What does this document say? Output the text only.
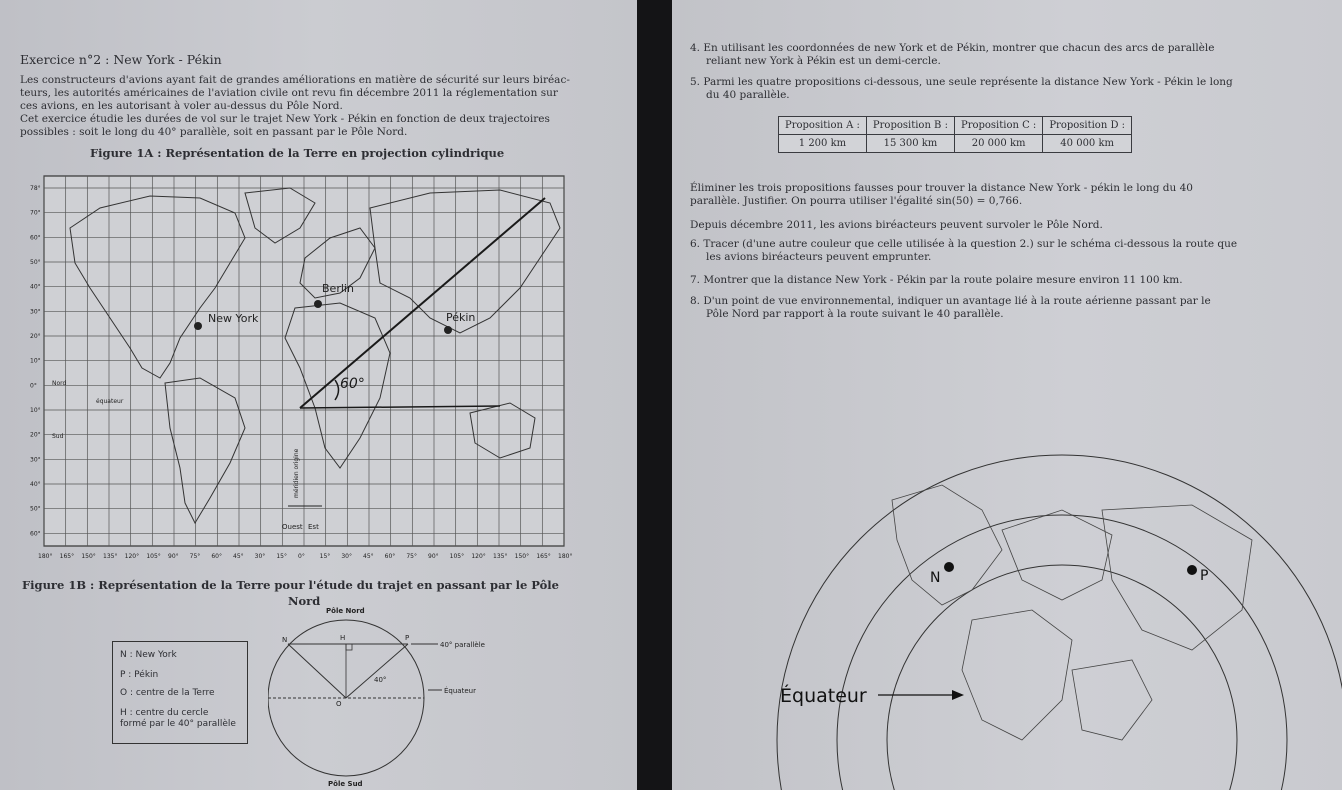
Exercice n°2 : New York - Pékin
Les constructeurs d'avions ayant fait de grandes améliorations en matière de sécurité sur leurs biréac-
teurs, les autorités américaines de l'aviation civile ont revu fin décembre 2011 la réglementation sur
ces avions, en les autorisant à voler au-dessus du Pôle Nord.
Cet exercice étudie les durées de vol sur le trajet New York - Pékin en fonction de deux trajectoires
possibles : soit le long du 40° parallèle, soit en passant par le Pôle Nord.
Figure 1A : Représentation de la Terre en projection cylindrique
60°
Berlin
New York	Pékin
Nord
Sud
équateur
méridien origine
Ouest Est
78°
70°
60°
50°
40°
30°
20°
10°
0°
10°
20°
30°
40°
50°
60°
180° 165° 150° 135° 120° 105° 90° 75° 60° 45° 30° 15° 0° 15° 30° 45° 60° 75° 90° 105° 120° 135° 150° 165° 180°
Figure 1B : Représentation de la Terre pour l'étude du trajet en passant par le Pôle
Nord
N : New York
P : Pékin
O : centre de la Terre
H : centre du cercle
formé par le 40° parallèle
Pôle Nord
40° parallèle
Équateur
N	H	P
O
40°
Pôle Sud
4. En utilisant les coordonnées de new York et de Pékin, montrer que chacun des arcs de parallèle
reliant new York à Pékin est un demi-cercle.
5. Parmi les quatre propositions ci-dessous, une seule représente la distance New York - Pékin le long
du 40 parallèle.
Éliminer les trois propositions fausses pour trouver la distance New York - pékin le long du 40
parallèle. Justifier. On pourra utiliser l'égalité sin(50) = 0,766.
Depuis décembre 2011, les avions biréacteurs peuvent survoler le Pôle Nord.
6. Tracer (d'une autre couleur que celle utilisée à la question 2.) sur le schéma ci-dessous la route que
les avions biréacteurs peuvent emprunter.
7. Montrer que la distance New York - Pékin par la route polaire mesure environ 11 100 km.
8. D'un point de vue environnemental, indiquer un avantage lié à la route aérienne passant par le
Pôle Nord par rapport à la route suivant le 40 parallèle.
N	P
Équateur
Proposition A :	Proposition B :	Proposition C :	Proposition D :
1 200 km	15 300 km	20 000 km	40 000 km
